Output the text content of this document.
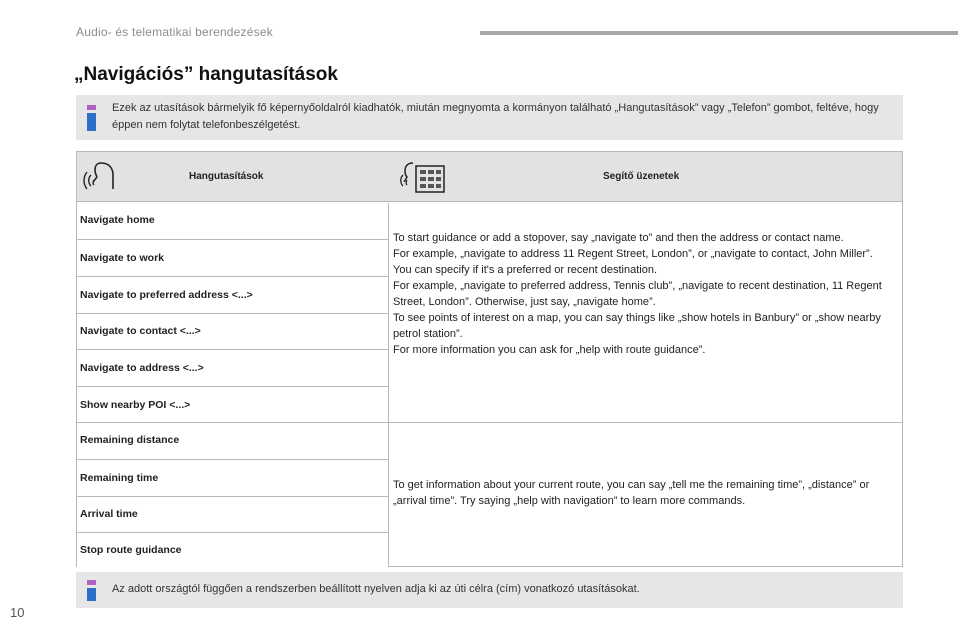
Audio- és telematikai berendezések
„Navigációs” hangutasítások

Ezek az utasítások bármelyik fő képernyőoldalról kiadhatók, miután megnyomta a kormányon található „Hangutasítások” vagy „Telefon” gombot, feltéve, hogy éppen nem folytat telefonbeszélgetést.

Hangutasítások	Segítő üzenetek
Navigate home
Navigate to work
Navigate to preferred address <...>
Navigate to contact <...>
Navigate to address <...>
Show nearby POI <...>

To start guidance or add a stopover, say „navigate to” and then the address or contact name.

For example, „navigate to address 11 Regent Street, London”, or „navigate to contact, John Miller”.

You can specify if it's a preferred or recent destination.

For example, „navigate to preferred address, Tennis club”, „navigate to recent destination, 11 Regent Street, London”. Otherwise, just say, „navigate home”.

To see points of interest on a map, you can say things like „show hotels in Banbury” or „show nearby petrol station”.

For more information you can ask for „help with route guidance”.

Remaining distance
Remaining time
Arrival time
Stop route guidance

To get information about your current route, you can say „tell me the remaining time”, „distance” or „arrival time”. Try saying „help with navigation” to learn more commands.

Az adott országtól függően a rendszerben beállított nyelven adja ki az úti célra (cím) vonatkozó utasításokat.

10
